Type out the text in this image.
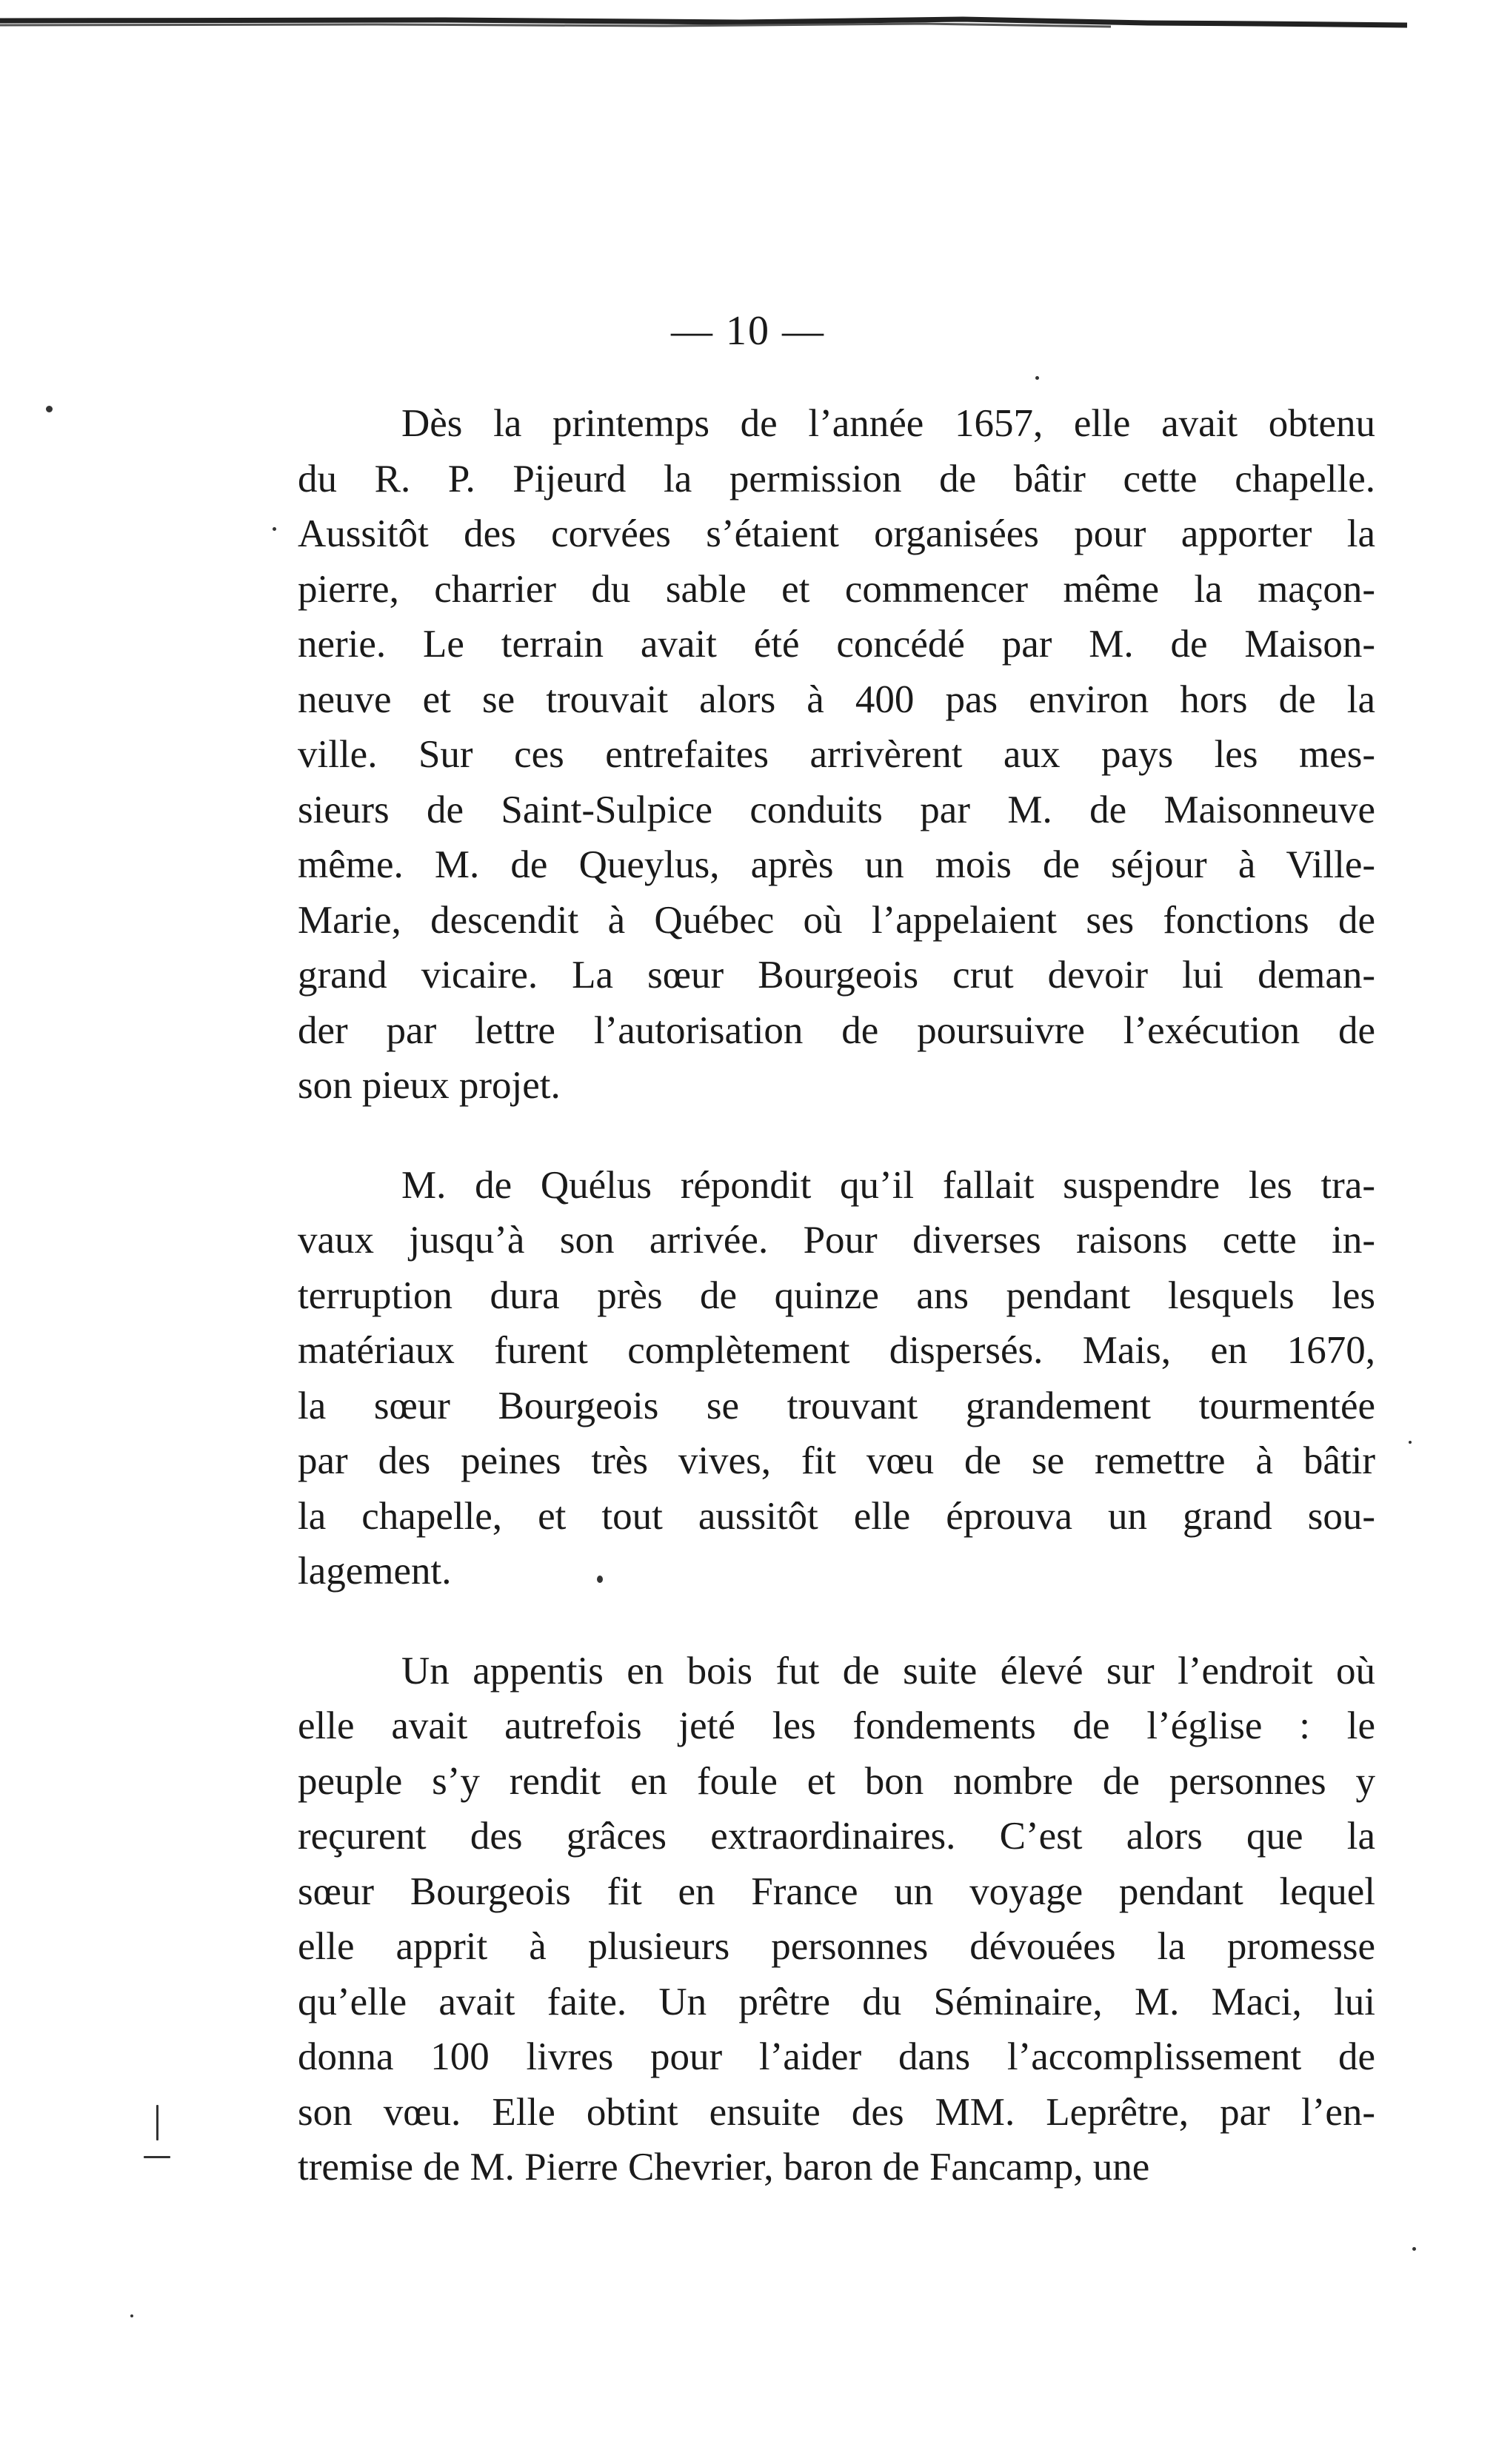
— 10 —
Dès la printemps de l’année 1657, elle avait obtenu
du R. P. Pijeurd la permission de bâtir cette chapelle.
Aussitôt des corvées s’étaient organisées pour apporter la
pierre, charrier du sable et commencer même la maçon-
nerie. Le terrain avait été concédé par M. de Maison-
neuve et se trouvait alors à 400 pas environ hors de la
ville. Sur ces entrefaites arrivèrent aux pays les mes-
sieurs de Saint-Sulpice conduits par M. de Maisonneuve
même. M. de Queylus, après un mois de séjour à Ville-
Marie, descendit à Québec où l’appelaient ses fonctions de
grand vicaire. La sœur Bourgeois crut devoir lui deman-
der par lettre l’autorisation de poursuivre l’exécution de
son pieux projet.
M. de Quélus répondit qu’il fallait suspendre les tra-
vaux jusqu’à son arrivée. Pour diverses raisons cette in-
terruption dura près de quinze ans pendant lesquels les
matériaux furent complètement dispersés. Mais, en 1670,
la sœur Bourgeois se trouvant grandement tourmentée
par des peines très vives, fit vœu de se remettre à bâtir
la chapelle, et tout aussitôt elle éprouva un grand sou-
lagement.
Un appentis en bois fut de suite élevé sur l’endroit où
elle avait autrefois jeté les fondements de l’église : le
peuple s’y rendit en foule et bon nombre de personnes y
reçurent des grâces extraordinaires. C’est alors que la
sœur Bourgeois fit en France un voyage pendant lequel
elle apprit à plusieurs personnes dévouées la promesse
qu’elle avait faite. Un prêtre du Séminaire, M. Maci, lui
donna 100 livres pour l’aider dans l’accomplissement de
son vœu. Elle obtint ensuite des MM. Leprêtre, par l’en-
tremise de M. Pierre Chevrier, baron de Fancamp, une
